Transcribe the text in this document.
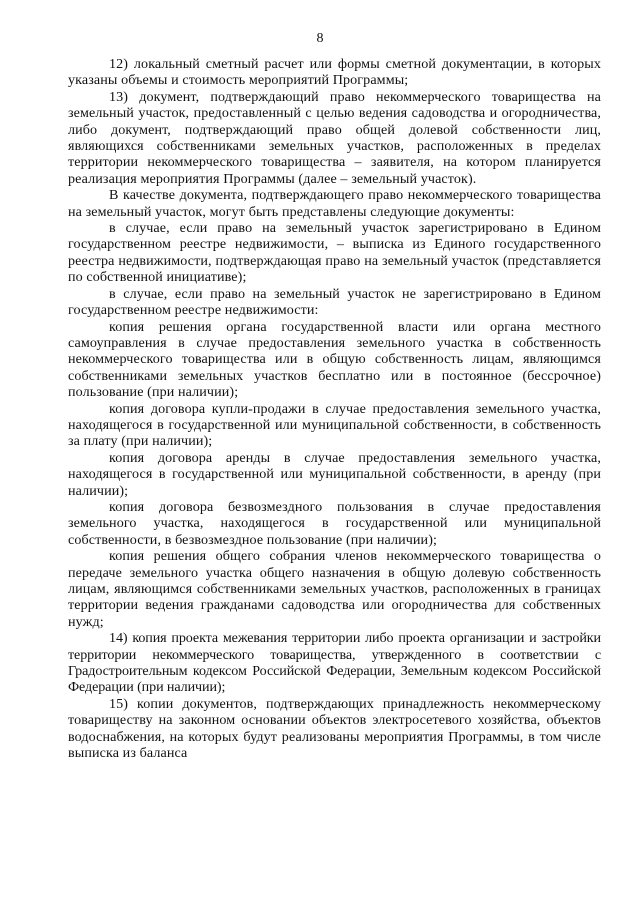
8

12) локальный сметный расчет или формы сметной документации, в которых указаны объемы и стоимость мероприятий Программы;

13) документ, подтверждающий право некоммерческого товарищества на земельный участок, предоставленный с целью ведения садоводства и огородничества, либо документ, подтверждающий право общей долевой собственности лиц, являющихся собственниками земельных участков, расположенных в пределах территории некоммерческого товарищества – заявителя, на котором планируется реализация мероприятия Программы (далее – земельный участок).

В качестве документа, подтверждающего право некоммерческого товарищества на земельный участок, могут быть представлены следующие документы:

в случае, если право на земельный участок зарегистрировано в Едином государственном реестре недвижимости, – выписка из Единого государственного реестра недвижимости, подтверждающая право на земельный участок (представляется по собственной инициативе);

в случае, если право на земельный участок не зарегистрировано в Едином государственном реестре недвижимости:

копия решения органа государственной власти или органа местного самоуправления в случае предоставления земельного участка в собственность некоммерческого товарищества или в общую собственность лицам, являющимся собственниками земельных участков бесплатно или в постоянное (бессрочное) пользование (при наличии);

копия договора купли-продажи в случае предоставления земельного участка, находящегося в государственной или муниципальной собственности, в собственность за плату (при наличии);

копия договора аренды в случае предоставления земельного участка, находящегося в государственной или муниципальной собственности, в аренду (при наличии);

копия договора безвозмездного пользования в случае предоставления земельного участка, находящегося в государственной или муниципальной собственности, в безвозмездное пользование (при наличии);

копия решения общего собрания членов некоммерческого товарищества о передаче земельного участка общего назначения в общую долевую собственность лицам, являющимся собственниками земельных участков, расположенных в границах территории ведения гражданами садоводства или огородничества для собственных нужд;

14) копия проекта межевания территории либо проекта организации и застройки территории некоммерческого товарищества, утвержденного в соответствии с Градостроительным кодексом Российской Федерации, Земельным кодексом Российской Федерации (при наличии);

15) копии документов, подтверждающих принадлежность некоммерческому товариществу на законном основании объектов электросетевого хозяйства, объектов водоснабжения, на которых будут реализованы мероприятия Программы, в том числе выписка из баланса
